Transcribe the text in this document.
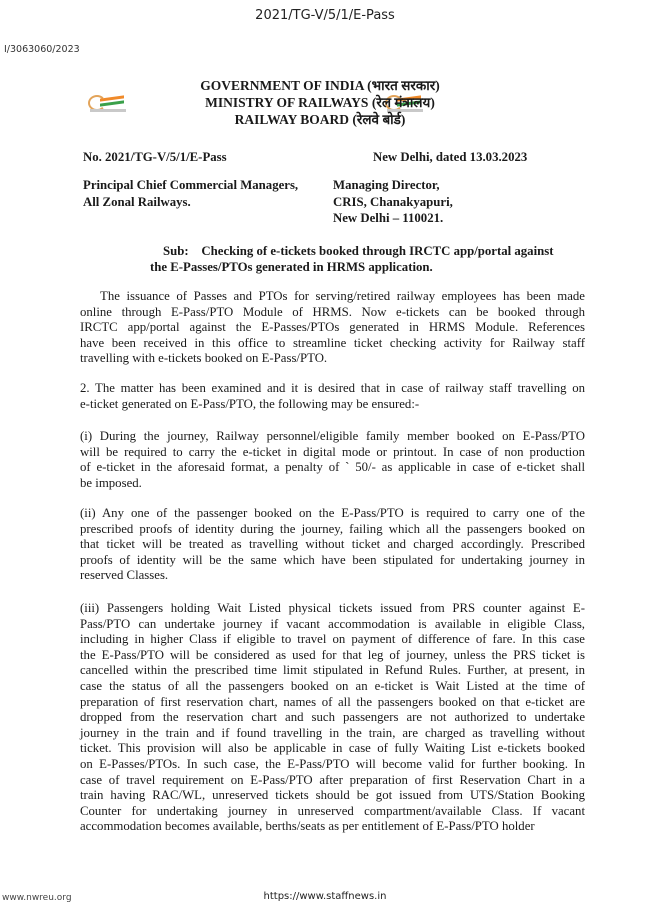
2021/TG-V/5/1/E-Pass
I/3063060/2023
GOVERNMENT OF INDIA (भारत सरकार)
MINISTRY OF RAILWAYS (रेल मंत्रालय)
RAILWAY BOARD (रेलवे बोर्ड)
No. 2021/TG-V/5/1/E-Pass	New Delhi, dated 13.03.2023
Principal Chief Commercial Managers,
All Zonal Railways.
Managing Director,
CRIS, Chanakyapuri,
New Delhi – 110021.
Sub:    Checking of e-tickets booked through IRCTC app/portal against
the E-Passes/PTOs generated in HRMS application.
The issuance of Passes and PTOs for serving/retired railway employees has been made
online through E-Pass/PTO Module of HRMS. Now e-tickets can be booked through
IRCTC app/portal against the E-Passes/PTOs generated in HRMS Module. References
have been received in this office to streamline ticket checking activity for Railway staff
travelling with e-tickets booked on E-Pass/PTO.
2. The matter has been examined and it is desired that in case of railway staff travelling on
e-ticket generated on E-Pass/PTO, the following may be ensured:-
(i) During the journey, Railway personnel/eligible family member booked on E-Pass/PTO
will be required to carry the e-ticket in digital mode or printout. In case of non production
of e-ticket in the aforesaid format, a penalty of ` 50/- as applicable in case of e-ticket shall
be imposed.
(ii) Any one of the passenger booked on the E-Pass/PTO is required to carry one of the
prescribed proofs of identity during the journey, failing which all the passengers booked on
that ticket will be treated as travelling without ticket and charged accordingly. Prescribed
proofs of identity will be the same which have been stipulated for undertaking journey in
reserved Classes.
(iii) Passengers holding Wait Listed physical tickets issued from PRS counter against E-
Pass/PTO can undertake journey if vacant accommodation is available in eligible Class,
including in higher Class if eligible to travel on payment of difference of fare. In this case
the E-Pass/PTO will be considered as used for that leg of journey, unless the PRS ticket is
cancelled within the prescribed time limit stipulated in Refund Rules. Further, at present, in
case the status of all the passengers booked on an e-ticket is Wait Listed at the time of
preparation of first reservation chart, names of all the passengers booked on that e-ticket are
dropped from the reservation chart and such passengers are not authorized to undertake
journey in the train and if found travelling in the train, are charged as travelling without
ticket. This provision will also be applicable in case of fully Waiting List e-tickets booked
on E-Passes/PTOs. In such case, the E-Pass/PTO will become valid for further booking. In
case of travel requirement on E-Pass/PTO after preparation of first Reservation Chart in a
train having RAC/WL, unreserved tickets should be got issued from UTS/Station Booking
Counter for undertaking journey in unreserved compartment/available Class. If vacant
accommodation becomes available, berths/seats as per entitlement of E-Pass/PTO holder
www.nwreu.org	https://www.staffnews.in
